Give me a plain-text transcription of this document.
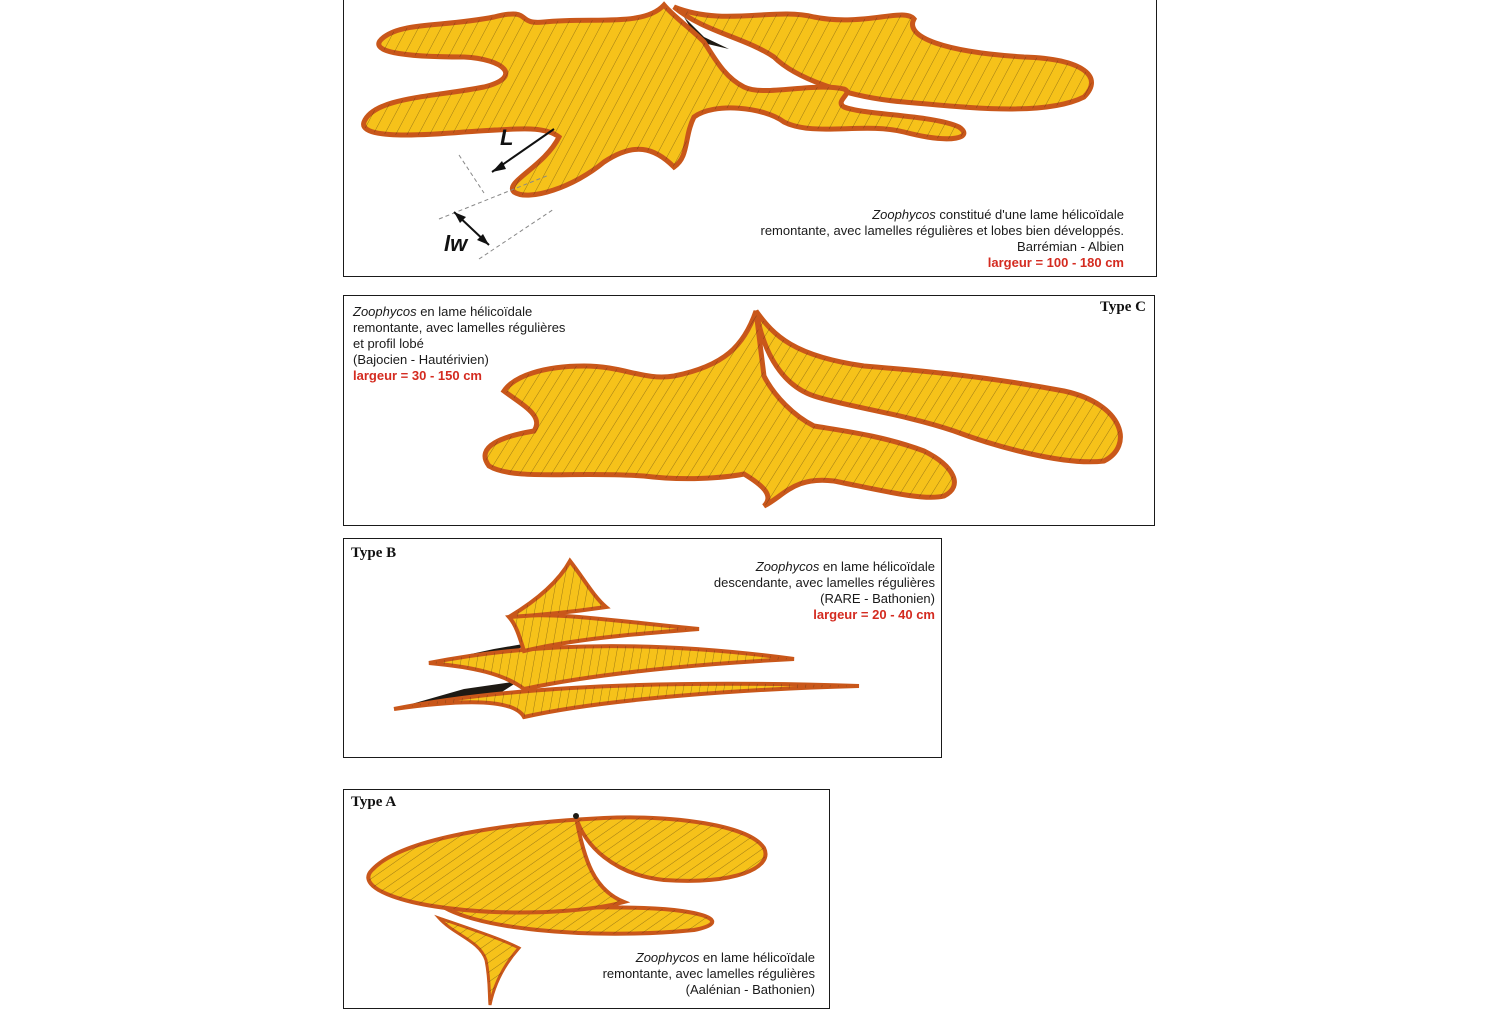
L
lw
Zoophycos constitué d'une lame hélicoïdale
remontante, avec lamelles régulières et lobes bien développés.
Barrémian - Albien
largeur = 100 - 180 cm
Type C
Zoophycos en lame hélicoïdale
remontante, avec lamelles régulières
et profil lobé
(Bajocien - Hautérivien)
largeur = 30 - 150 cm
Type B
Zoophycos en lame hélicoïdale
descendante, avec lamelles régulières
(RARE - Bathonien)
largeur = 20 - 40 cm
Type A
Zoophycos en lame hélicoïdale
remontante, avec lamelles régulières
(Aalénian - Bathonien)
